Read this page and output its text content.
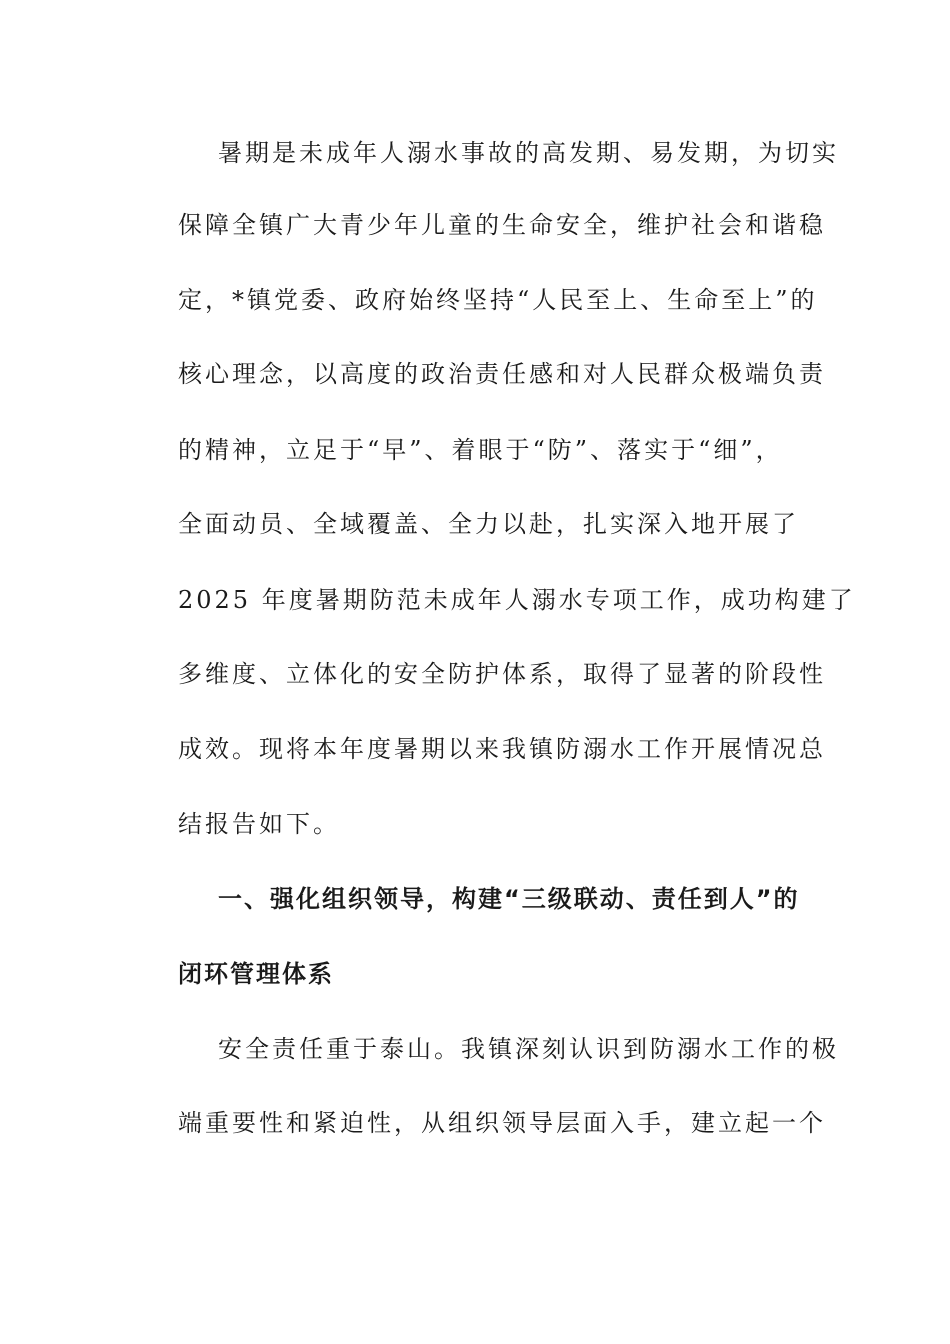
暑期是未成年人溺水事故的高发期、易发期，为切实
保障全镇广大青少年儿童的生命安全，维护社会和谐稳
定，*镇党委、政府始终坚持“人民至上、生命至上”的
核心理念，以高度的政治责任感和对人民群众极端负责
的精神，立足于“早”、着眼于“防”、落实于“细”，
全面动员、全域覆盖、全力以赴，扎实深入地开展了
2025 年度暑期防范未成年人溺水专项工作，成功构建了
多维度、立体化的安全防护体系，取得了显著的阶段性
成效。现将本年度暑期以来我镇防溺水工作开展情况总
结报告如下。
一、强化组织领导，构建“三级联动、责任到人”的
闭环管理体系
安全责任重于泰山。我镇深刻认识到防溺水工作的极
端重要性和紧迫性，从组织领导层面入手，建立起一个
